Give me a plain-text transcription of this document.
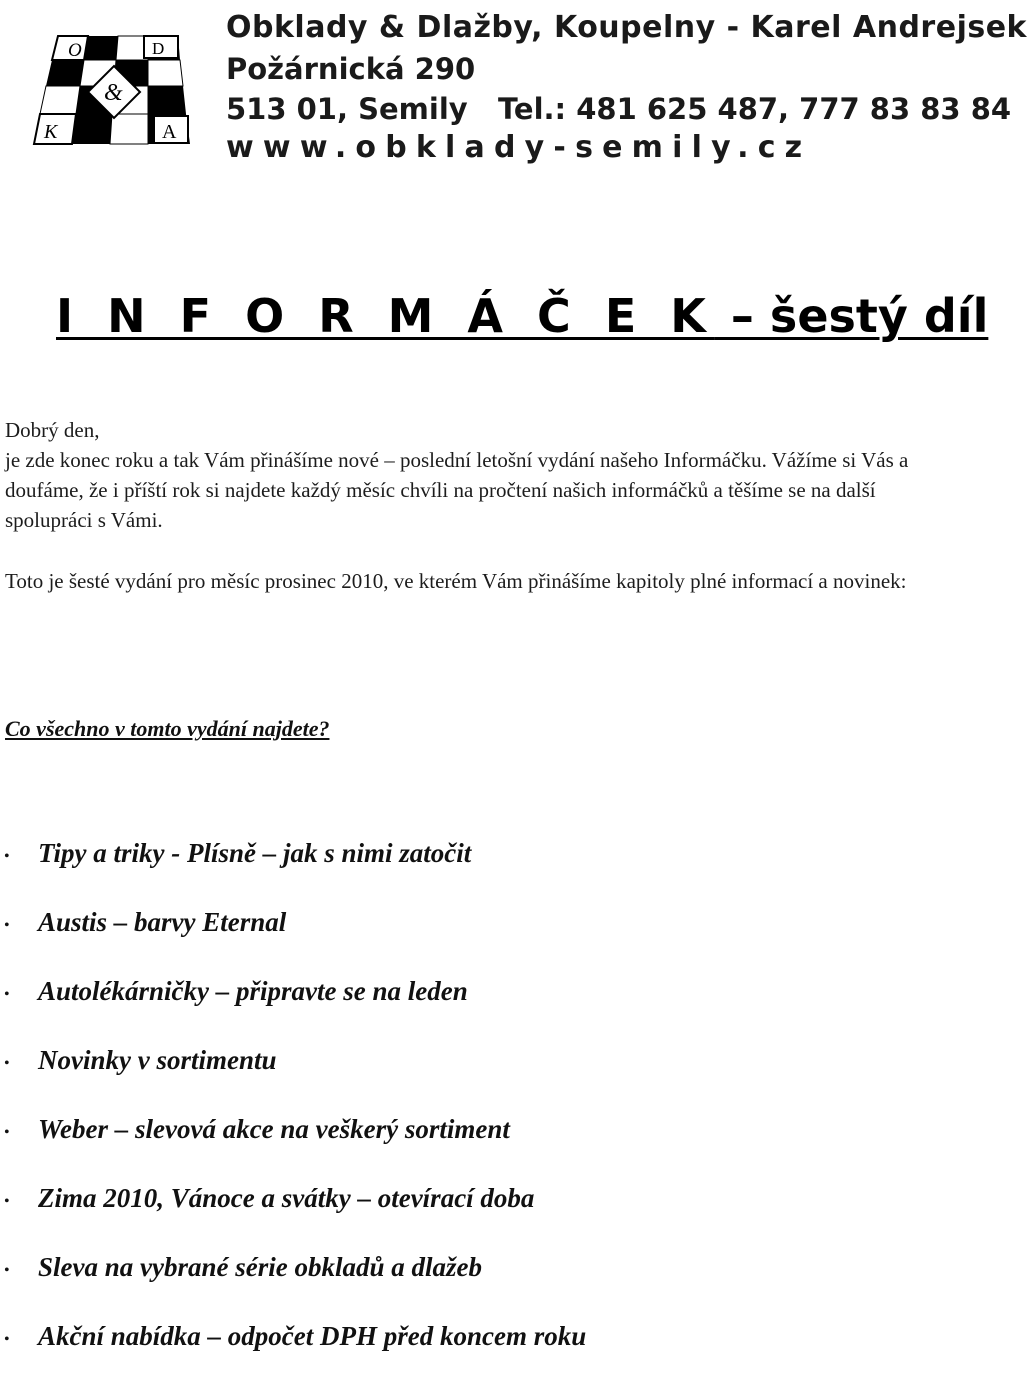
O	D
&
K	A
Obklady & Dlažby, Koupelny - Karel Andrejsek
Požárnická 290
513 01, Semily Tel.: 481 625 487, 777 83 83 84
www.obklady-semily.cz
I N F O R M Á Č E K – šestý díl

Dobrý den,

je zde konec roku a tak Vám přinášíme nové – poslední letošní vydání našeho Informáčku. Vážíme si Vás a doufáme, že i příští rok si najdete každý měsíc chvíli na pročtení našich informáčků a těšíme se na další spolupráci s Vámi.

Toto je šesté vydání pro měsíc prosinec 2010, ve kterém Vám přinášíme kapitoly plné informací a novinek:

Co všechno v tomto vydání najdete?
• Tipy a triky - Plísně – jak s nimi zatočit
• Austis – barvy Eternal
• Autolékárničky – připravte se na leden
• Novinky v sortimentu
• Weber – slevová akce na veškerý sortiment
• Zima 2010, Vánoce a svátky – otevírací doba
• Sleva na vybrané série obkladů a dlažeb
• Akční nabídka – odpočet DPH před koncem roku
